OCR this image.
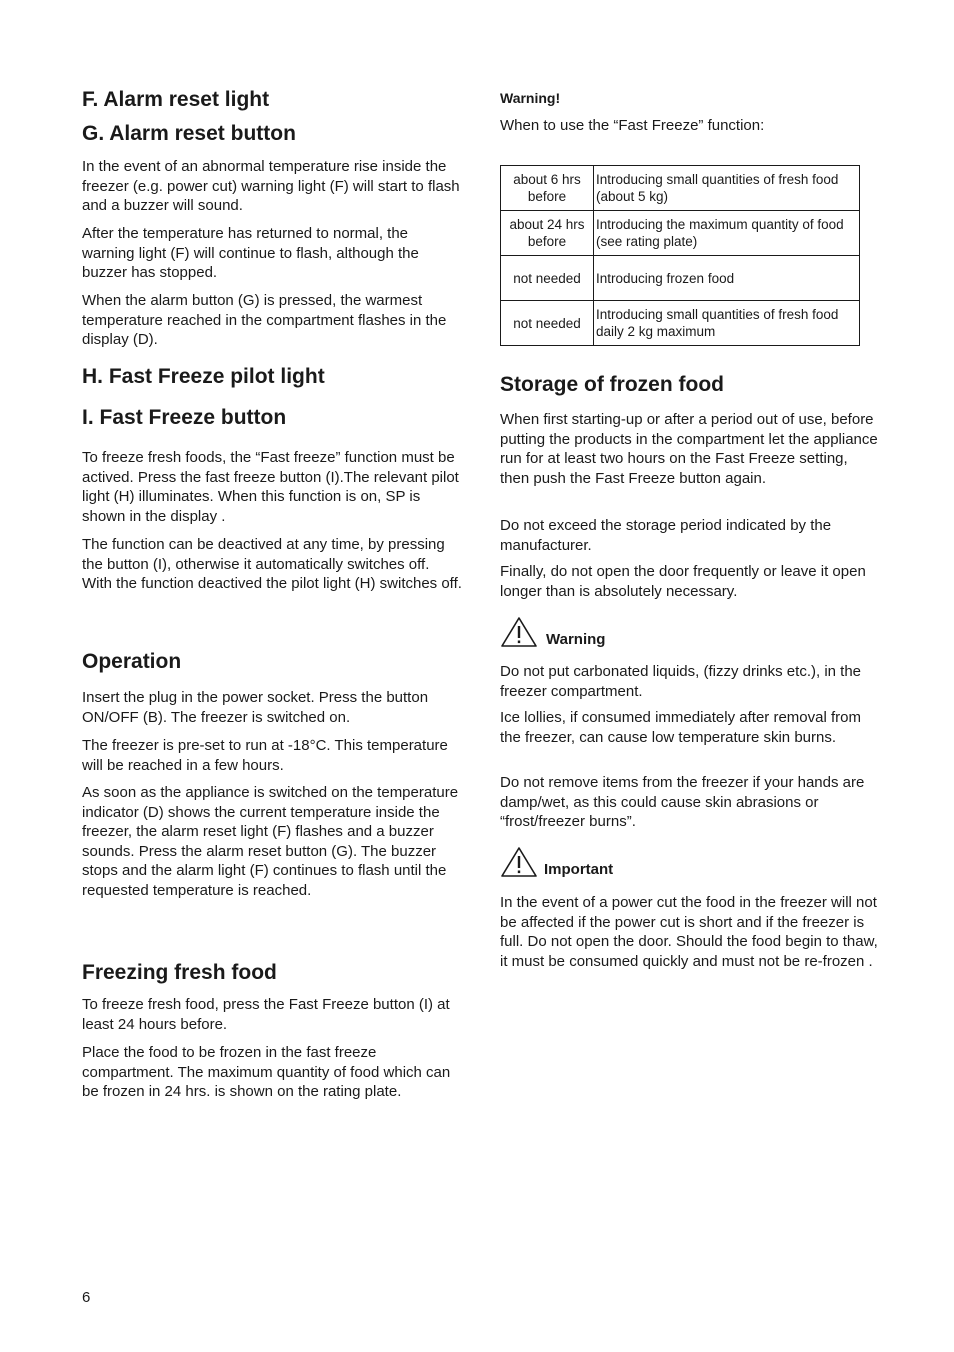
F. Alarm reset light
G. Alarm reset button

In the event of an abnormal temperature rise inside the freezer (e.g. power cut) warning light (F) will start to flash and a buzzer will sound.

After the temperature has returned to normal, the warning light (F) will continue to flash, although the buzzer has stopped.

When the alarm button (G) is pressed, the warmest temperature reached in the compartment flashes in the display (D).

H. Fast Freeze pilot light
I. Fast Freeze button

To freeze fresh foods, the “Fast freeze” function must be actived. Press the fast freeze button (I).The relevant pilot light (H) illuminates. When this function is on, SP is shown in the display .

The function can be deactived at any time, by pressing the button (I), otherwise it automatically switches off. With the function deactived the pilot light (H) switches off.

Operation

Insert the plug in the power socket. Press the button ON/OFF (B). The freezer is switched on.

The freezer is pre-set to run at -18°C. This temperature will be reached in a few hours.

As soon as the appliance is switched on the temperature indicator (D) shows the current temperature inside the freezer, the alarm reset light (F) flashes and a buzzer sounds. Press the alarm reset button (G). The buzzer stops and the alarm light (F) continues to flash until the requested temperature is reached.

Freezing fresh food

To freeze fresh food, press the Fast Freeze button (I) at least 24 hours before.

Place the food to be frozen in the fast freeze compartment. The maximum quantity of food which can be frozen in 24 hrs. is shown on the rating plate.

Warning!

When to use the “Fast Freeze” function:

about 6 hrs before	Introducing small quantities of fresh food (about 5 kg)
about 24 hrs before	Introducing the maximum quantity of food (see rating plate)
not needed	Introducing frozen food
not needed	Introducing small quantities of fresh food daily 2 kg maximum
Storage of frozen food

When first starting-up or after a period out of use, before putting the products in the compartment let the appliance run for at least two hours on the Fast Freeze setting, then push the Fast Freeze button again.

Do not exceed the storage period indicated by the manufacturer.

Finally, do not open the door frequently or leave it open longer than is absolutely necessary.

Warning

Do not put carbonated liquids, (fizzy drinks etc.), in the freezer compartment.

Ice lollies, if consumed immediately after removal from the freezer, can cause low temperature skin burns.

Do not remove items from the freezer if your hands are damp/wet, as this could cause skin abrasions or “frost/freezer burns”.

Important

In the event of a power cut the food in the freezer will not be affected if the power cut is short and if the freezer is full. Do not open the door. Should the food begin to thaw, it must be consumed quickly and must not be re-frozen .

6
